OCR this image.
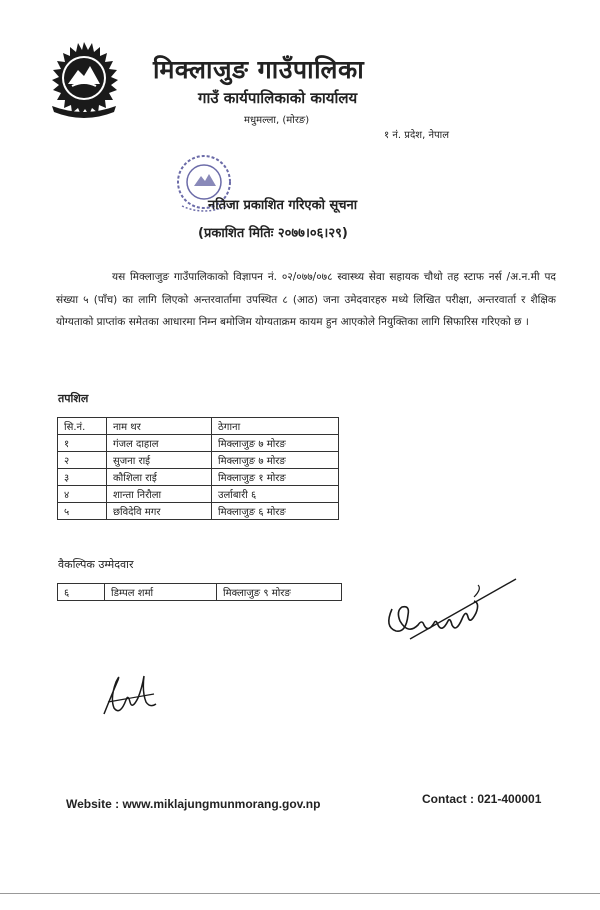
मिक्लाजुङ गाउँपालिका
गाउँ कार्यपालिकाको कार्यालय
मधुमल्ला, (मोरङ)
१ नं. प्रदेश, नेपाल
नतिजा प्रकाशित गरिएको सूचना
(प्रकाशित मितिः २०७७।०६।२९)
यस मिक्लाजुङ गाउँपालिकाको विज्ञापन नं. ०२/०७७/०७८ स्वास्थ्य सेवा सहायक चौथो तह स्टाफ नर्स /अ.न.मी पद संख्या ५ (पाँच) का लागि लिएको अन्तरवार्तामा उपस्थित ८ (आठ) जना उमेदवारहरु मध्ये लिखित परीक्षा, अन्तरवार्ता र शैक्षिक योग्यताको प्राप्तांक समेतका आधारमा निम्न बमोजिम योग्यताक्रम कायम हुन आएकोले नियुक्तिका लागि सिफारिस गरिएको छ ।
तपशिल
सि.नं.	नाम थर	ठेगाना
१	गंजल दाहाल	मिक्लाजुङ ७ मोरङ
२	सुजना राई	मिक्लाजुङ ७ मोरङ
३	कौशिला राई	मिक्लाजुङ १ मोरङ
४	शान्ता निरौला	उर्लाबारी ६
५	छविदेवि मगर	मिक्लाजुङ ६ मोरङ
वैकल्पिक उम्मेदवार
६	डिम्पल शर्मा	मिक्लाजुङ ९ मोरङ
Website : www.miklajungmunmorang.gov.np	Contact : 021-400001
